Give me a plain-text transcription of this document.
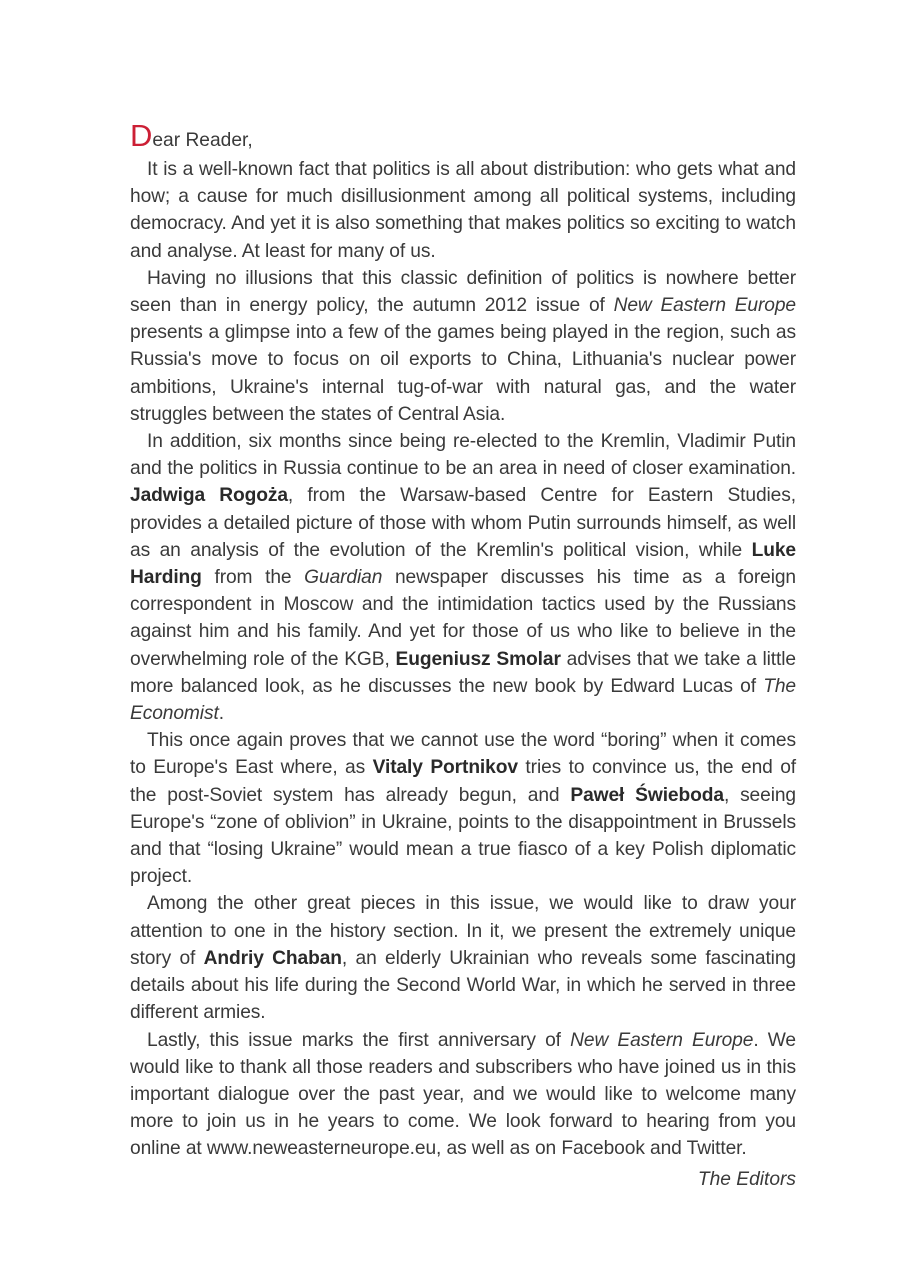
Dear Reader,

It is a well-known fact that politics is all about distribution: who gets what and how; a cause for much disillusionment among all political systems, including democracy. And yet it is also something that makes politics so exciting to watch and analyse. At least for many of us.

Having no illusions that this classic definition of politics is nowhere better seen than in energy policy, the autumn 2012 issue of New Eastern Europe presents a glimpse into a few of the games being played in the region, such as Russia's move to focus on oil exports to China, Lithuania's nuclear power ambitions, Ukraine's internal tug-of-war with natural gas, and the water struggles between the states of Central Asia.

In addition, six months since being re-elected to the Kremlin, Vladimir Putin and the politics in Russia continue to be an area in need of closer examination. Jadwiga Rogoża, from the Warsaw-based Centre for Eastern Studies, provides a detailed picture of those with whom Putin surrounds himself, as well as an analysis of the evolution of the Kremlin's political vision, while Luke Harding from the Guardian newspaper discusses his time as a foreign correspondent in Moscow and the intimidation tactics used by the Russians against him and his family. And yet for those of us who like to believe in the overwhelming role of the KGB, Eugeniusz Smolar advises that we take a little more balanced look, as he discusses the new book by Edward Lucas of The Economist.

This once again proves that we cannot use the word “boring” when it comes to Europe's East where, as Vitaly Portnikov tries to convince us, the end of the post-Soviet system has already begun, and Paweł Świeboda, seeing Europe's “zone of oblivion” in Ukraine, points to the disappointment in Brussels and that “losing Ukraine” would mean a true fiasco of a key Polish diplomatic project.

Among the other great pieces in this issue, we would like to draw your attention to one in the history section. In it, we present the extremely unique story of Andriy Chaban, an elderly Ukrainian who reveals some fascinating details about his life during the Second World War, in which he served in three different armies.

Lastly, this issue marks the first anniversary of New Eastern Europe. We would like to thank all those readers and subscribers who have joined us in this important dialogue over the past year, and we would like to welcome many more to join us in he years to come. We look forward to hearing from you online at www.neweasterneurope.eu, as well as on Facebook and Twitter.

The Editors
